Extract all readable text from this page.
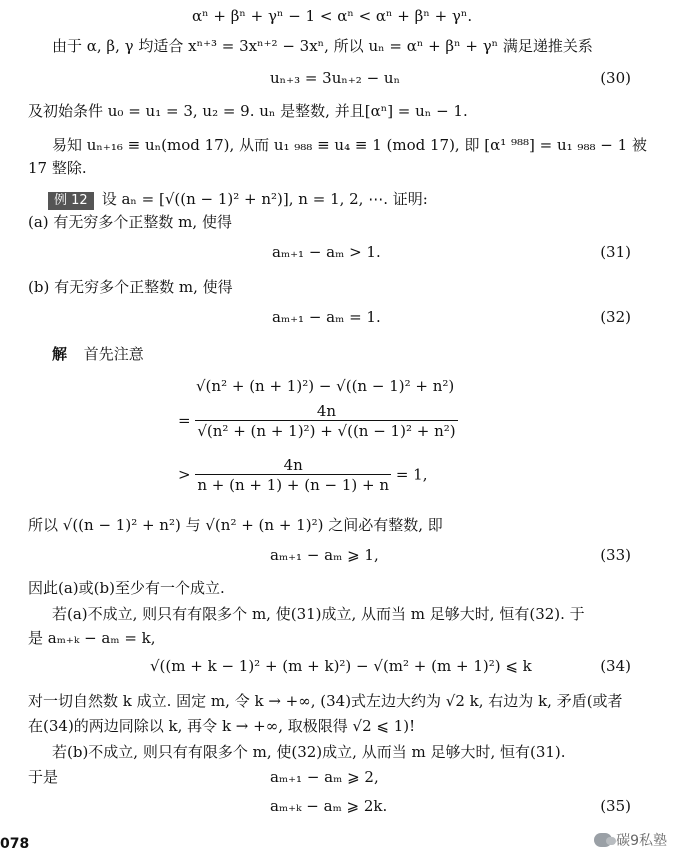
αⁿ + βⁿ + γⁿ − 1 < αⁿ < αⁿ + βⁿ + γⁿ.
由于 α, β, γ 均适合 xⁿ⁺³ = 3xⁿ⁺² − 3xⁿ, 所以 uₙ = αⁿ + βⁿ + γⁿ 满足递推关系
uₙ₊₃ = 3uₙ₊₂ − uₙ	(30)
及初始条件 u₀ = u₁ = 3, u₂ = 9. uₙ 是整数, 并且[αⁿ] = uₙ − 1.
易知 uₙ₊₁₆ ≡ uₙ(mod 17), 从而 u₁ ₉₈₈ ≡ u₄ ≡ 1 (mod 17), 即 [α¹ ⁹⁸⁸] = u₁ ₉₈₈ − 1 被
17 整除.
例 12 设 aₙ = [√((n − 1)² + n²)], n = 1, 2, ⋯. 证明:
(a) 有无穷多个正整数 m, 使得
aₘ₊₁ − aₘ > 1.	(31)
(b) 有无穷多个正整数 m, 使得
aₘ₊₁ − aₘ = 1.	(32)
解 首先注意
√(n² + (n + 1)²) − √((n − 1)² + n²)
= $\frac{4n}{\text{√(n² + (n + 1)²) + √((n − 1)² + n²)}}$
> $\frac{4n}{n + (n + 1) + (n - 1) + n} = 1$,
所以 √((n − 1)² + n²) 与 √(n² + (n + 1)²) 之间必有整数, 即
aₘ₊₁ − aₘ ⩾ 1,	(33)
因此(a)或(b)至少有一个成立.
若(a)不成立, 则只有有限多个 m, 使(31)成立, 从而当 m 足够大时, 恒有(32). 于
是 aₘ₊ₖ − aₘ = k,
√((m + k − 1)² + (m + k)²) − √(m² + (m + 1)²) ⩽ k	(34)
对一切自然数 k 成立. 固定 m, 令 k → +∞, (34)式左边大约为 √2 k, 右边为 k, 矛盾(或者
在(34)的两边同除以 k, 再令 k → +∞, 取极限得 √2 ⩽ 1)!
若(b)不成立, 则只有有限多个 m, 使(32)成立, 从而当 m 足够大时, 恒有(31).
于是	aₘ₊₁ − aₘ ⩾ 2,
aₘ₊ₖ − aₘ ⩾ 2k.	(35)
078	碳9私塾
